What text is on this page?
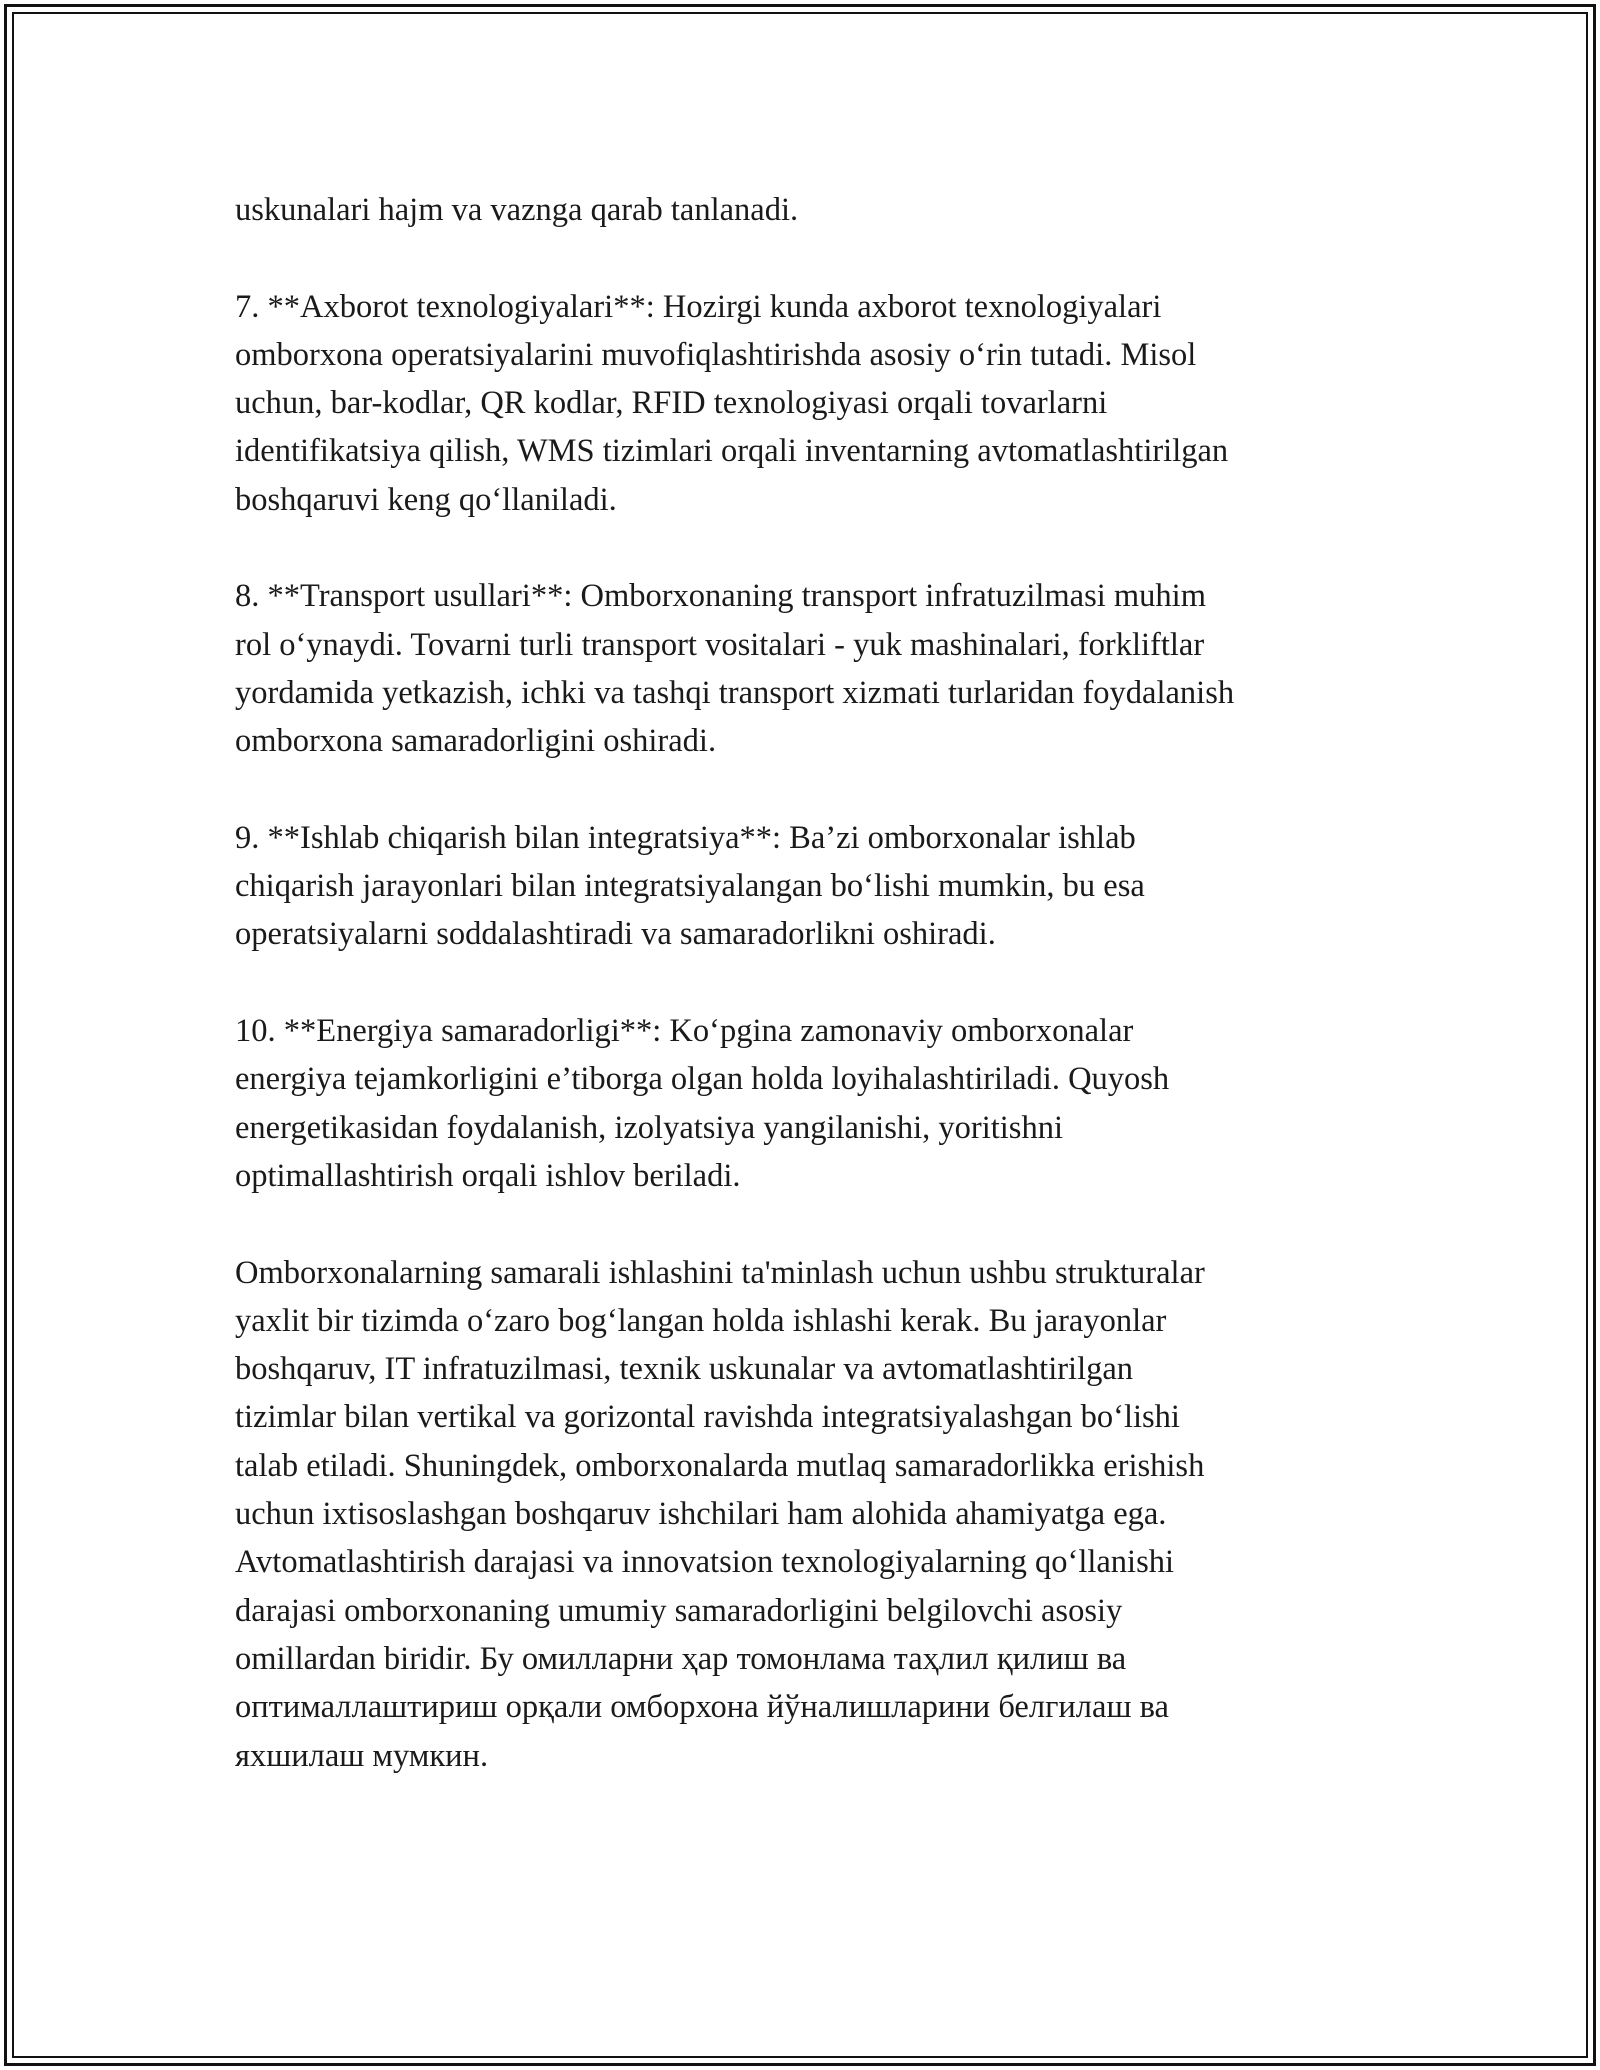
uskunalari hajm va vaznga qarab tanlanadi.

7. **Axborot texnologiyalari**: Hozirgi kunda axborot texnologiyalari
omborxona operatsiyalarini muvofiqlashtirishda asosiy o‘rin tutadi. Misol
uchun, bar-kodlar, QR kodlar, RFID texnologiyasi orqali tovarlarni
identifikatsiya qilish, WMS tizimlari orqali inventarning avtomatlashtirilgan
boshqaruvi keng qo‘llaniladi.

8. **Transport usullari**: Omborxonaning transport infratuzilmasi muhim
rol o‘ynaydi. Tovarni turli transport vositalari - yuk mashinalari, forkliftlar
yordamida yetkazish, ichki va tashqi transport xizmati turlaridan foydalanish
omborxona samaradorligini oshiradi.

9. **Ishlab chiqarish bilan integratsiya**: Ba’zi omborxonalar ishlab
chiqarish jarayonlari bilan integratsiyalangan bo‘lishi mumkin, bu esa
operatsiyalarni soddalashtiradi va samaradorlikni oshiradi.

10. **Energiya samaradorligi**: Ko‘pgina zamonaviy omborxonalar
energiya tejamkorligini e’tiborga olgan holda loyihalashtiriladi. Quyosh
energetikasidan foydalanish, izolyatsiya yangilanishi, yoritishni
optimallashtirish orqali ishlov beriladi.

Omborxonalarning samarali ishlashini ta'minlash uchun ushbu strukturalar
yaxlit bir tizimda o‘zaro bog‘langan holda ishlashi kerak. Bu jarayonlar
boshqaruv, IT infratuzilmasi, texnik uskunalar va avtomatlashtirilgan
tizimlar bilan vertikal va gorizontal ravishda integratsiyalashgan bo‘lishi
talab etiladi. Shuningdek, omborxonalarda mutlaq samaradorlikka erishish
uchun ixtisoslashgan boshqaruv ishchilari ham alohida ahamiyatga ega.
Avtomatlashtirish darajasi va innovatsion texnologiyalarning qo‘llanishi
darajasi omborxonaning umumiy samaradorligini belgilovchi asosiy
omillardan biridir. Бу омилларни ҳар томонлама таҳлил қилиш ва
оптималлаштириш орқали омборхона йўналишларини белгилаш ва
яхшилаш мумкин.
